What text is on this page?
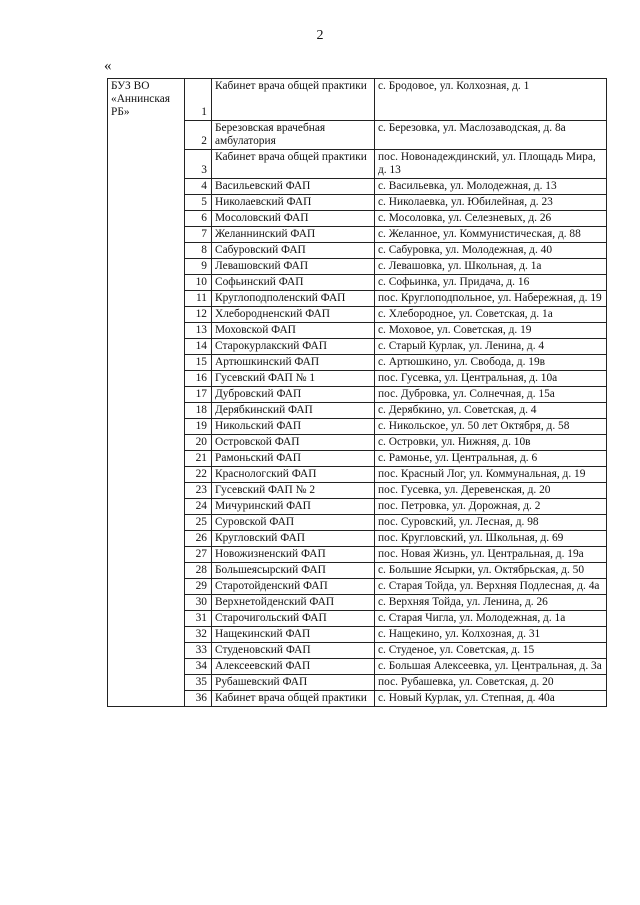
2
«
БУЗ ВО «Аннинская РБ»	1	Кабинет врача общей практики	с. Бродовое, ул. Колхозная, д. 1
	2	Березовская врачебная амбулатория	с. Березовка, ул. Маслозаводская, д. 8а
	3	Кабинет врача общей практики	пос. Новонадеждинский, ул. Площадь Мира, д. 13
	4	Васильевский ФАП	с. Васильевка, ул. Молодежная, д. 13
	5	Николаевский ФАП	с. Николаевка, ул. Юбилейная, д. 23
	6	Мосоловский ФАП	с. Мосоловка, ул. Селезневых, д. 26
	7	Желаннинский ФАП	с. Желанное, ул. Коммунистическая, д. 88
	8	Сабуровский ФАП	с. Сабуровка, ул. Молодежная, д. 40
	9	Левашовский ФАП	с. Левашовка, ул. Школьная, д. 1а
	10	Софьинский ФАП	с. Софьинка, ул. Придача, д. 16
	11	Круглоподполенский ФАП	пос. Круглоподпольное, ул. Набережная, д. 19
	12	Хлебородненский ФАП	с. Хлебородное, ул. Советская, д. 1а
	13	Моховской ФАП	с. Моховое, ул. Советская, д. 19
	14	Старокурлакский ФАП	с. Старый Курлак, ул. Ленина, д. 4
	15	Артюшкинский ФАП	с. Артюшкино, ул. Свобода, д. 19в
	16	Гусевский ФАП № 1	пос. Гусевка, ул. Центральная, д. 10а
	17	Дубровский ФАП	пос. Дубровка, ул. Солнечная, д. 15а
	18	Дерябкинский ФАП	с. Дерябкино, ул. Советская, д. 4
	19	Никольский ФАП	с. Никольское, ул. 50 лет Октября, д. 58
	20	Островской ФАП	с. Островки, ул. Нижняя, д. 10в
	21	Рамоньский ФАП	с. Рамонье, ул. Центральная, д. 6
	22	Краснологский ФАП	пос. Красный Лог, ул. Коммунальная, д. 19
	23	Гусевский ФАП № 2	пос. Гусевка, ул. Деревенская, д. 20
	24	Мичуринский ФАП	пос. Петровка, ул. Дорожная, д. 2
	25	Суровской ФАП	пос. Суровский, ул. Лесная, д. 98
	26	Кругловский ФАП	пос. Кругловский, ул. Школьная, д. 69
	27	Новожизненский ФАП	пос. Новая Жизнь, ул. Центральная, д. 19а
	28	Большеясырский ФАП	с. Большие Ясырки, ул. Октябрьская, д. 50
	29	Старотойденский ФАП	с. Старая Тойда, ул. Верхняя Подлесная, д. 4а
	30	Верхнетойденский ФАП	с. Верхняя Тойда, ул. Ленина, д. 26
	31	Старочигольский ФАП	с. Старая Чигла, ул. Молодежная, д. 1а
	32	Нащекинский ФАП	с. Нащекино, ул. Колхозная, д. 31
	33	Студеновский ФАП	с. Студеное, ул. Советская, д. 15
	34	Алексеевский ФАП	с. Большая Алексеевка, ул. Центральная, д. 3а
	35	Рубашевский ФАП	пос. Рубашевка, ул. Советская, д. 20
	36	Кабинет врача общей практики	с. Новый Курлак, ул. Степная, д. 40а
